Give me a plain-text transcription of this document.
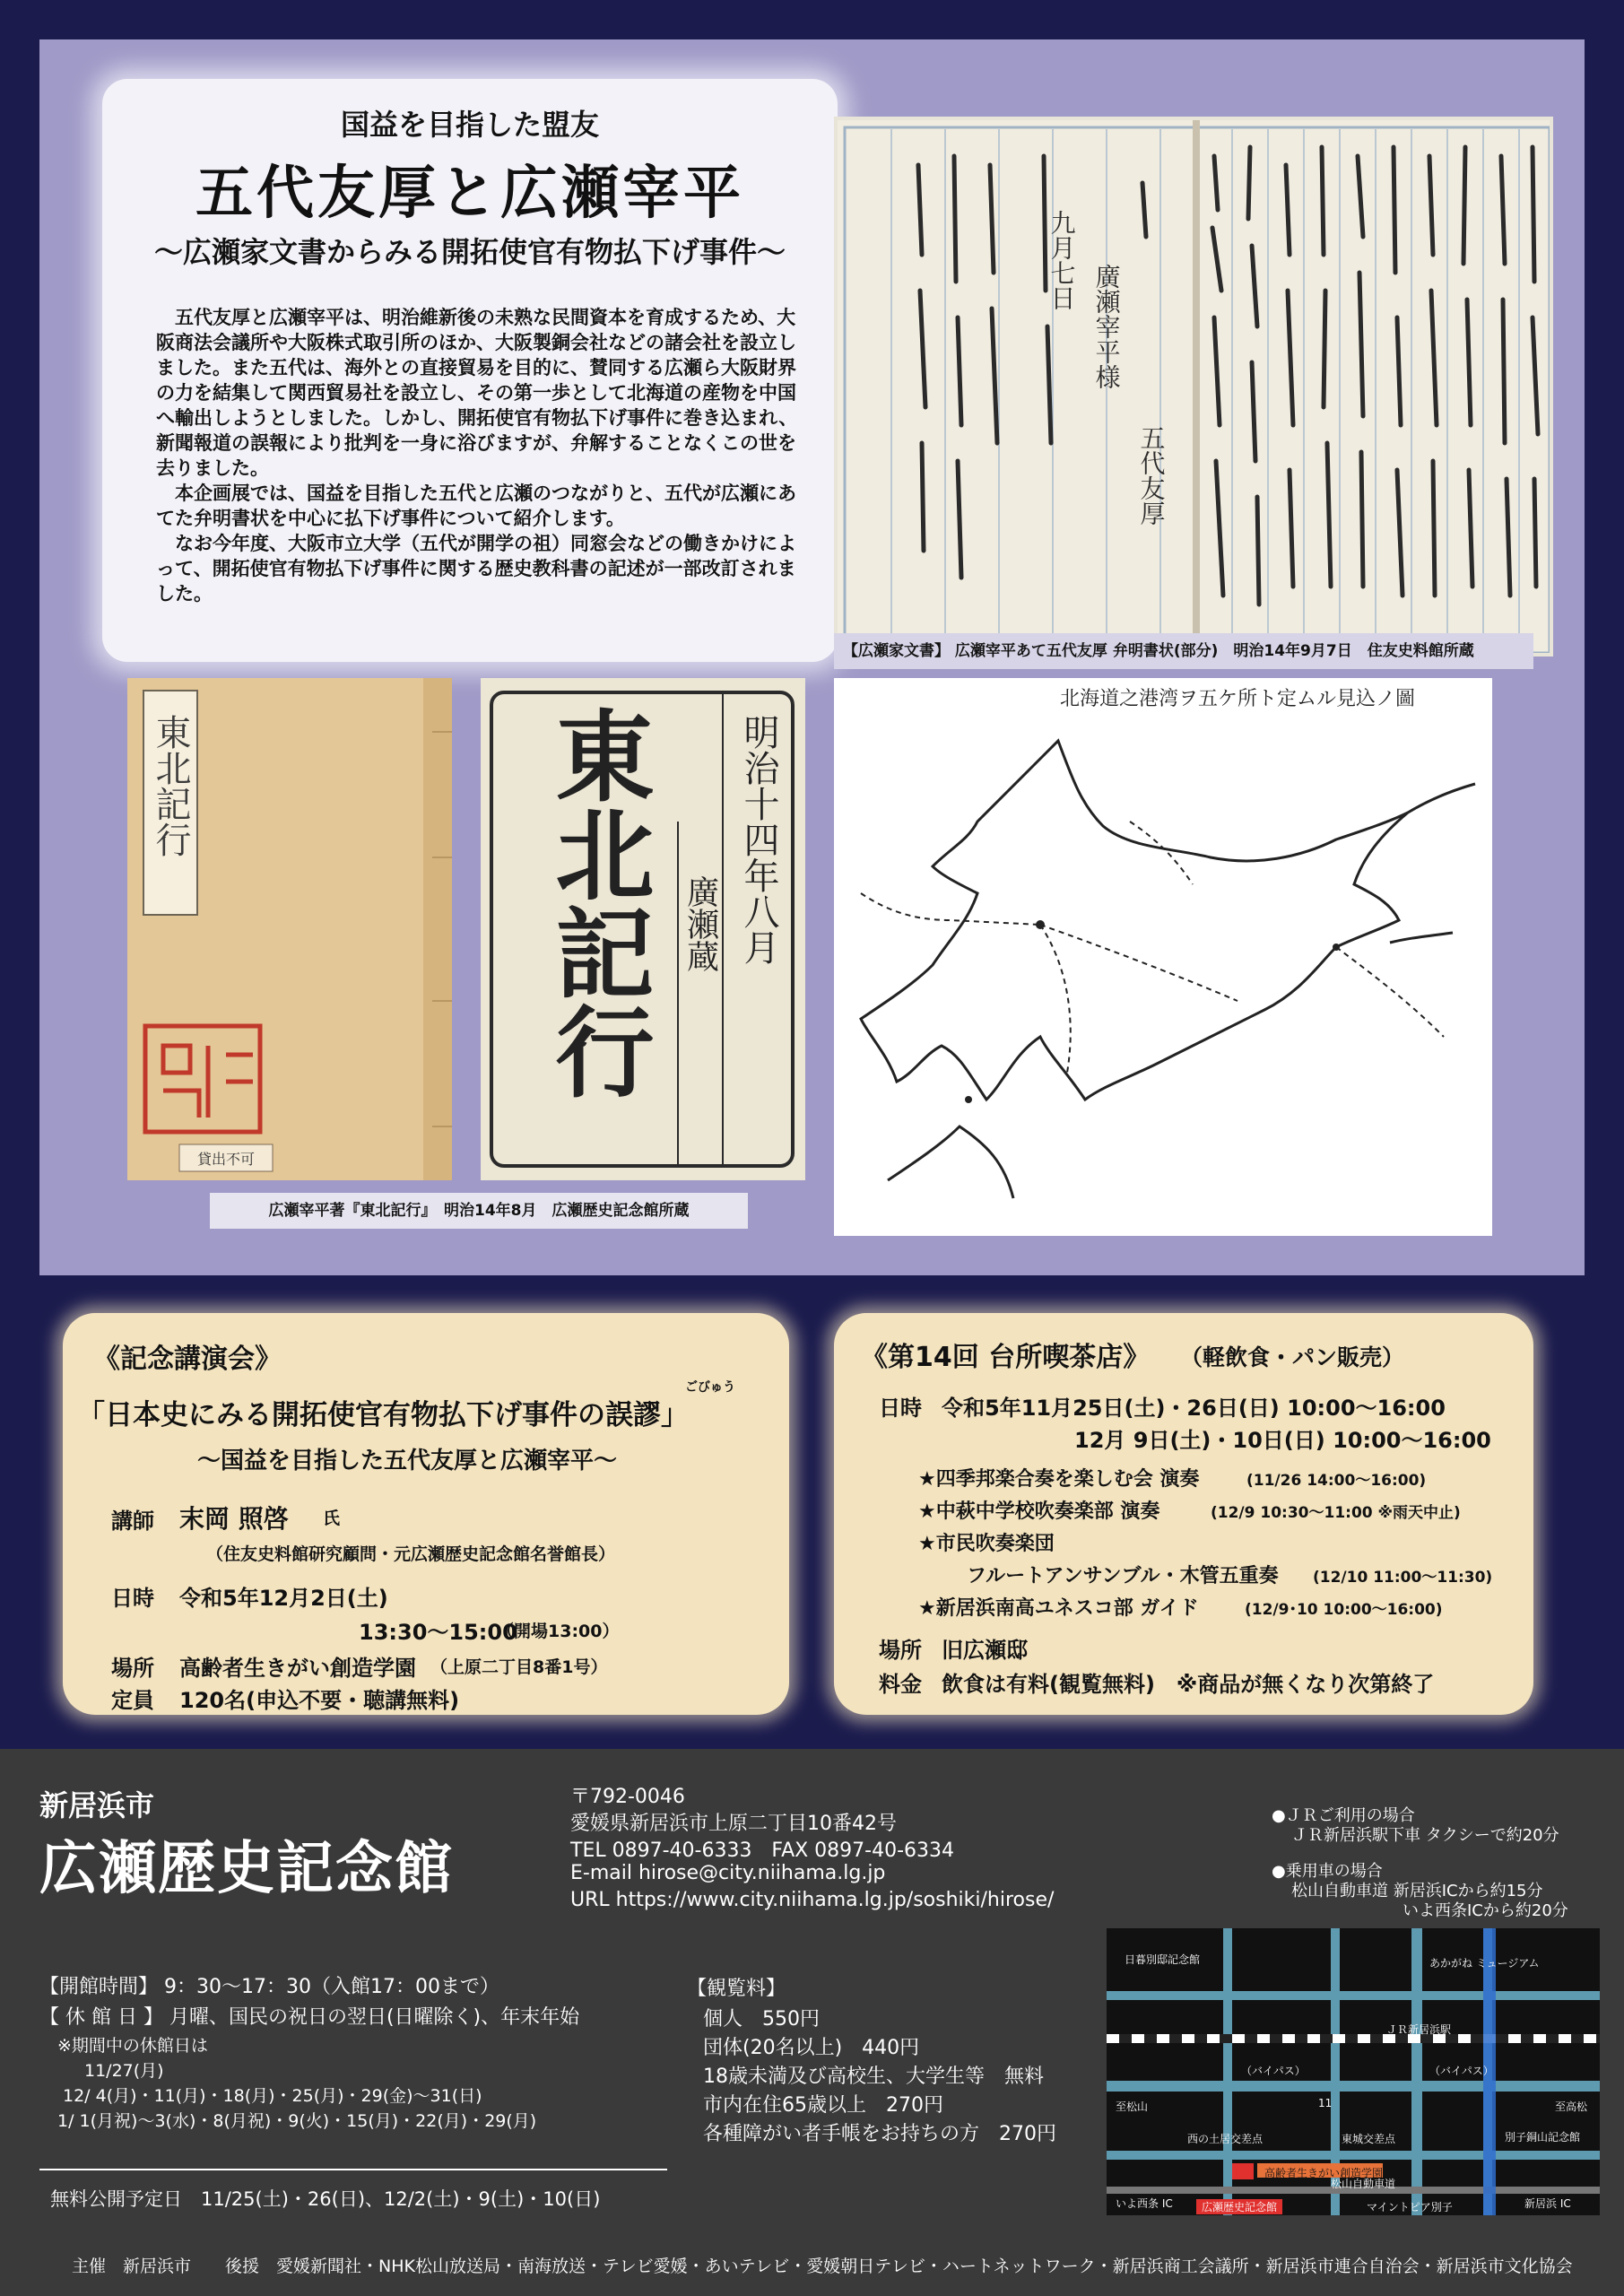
国益を目指した盟友
五代友厚と広瀬宰平
〜広瀬家文書からみる開拓使官有物払下げ事件〜

五代友厚と広瀬宰平は、明治維新後の未熟な民間資本を育成するため、大阪商法会議所や大阪株式取引所のほか、大阪製銅会社などの諸会社を設立しました。また五代は、海外との直接貿易を目的に、賛同する広瀬ら大阪財界の力を結集して関西貿易社を設立し、その第一歩として北海道の産物を中国へ輸出しようとしました。しかし、開拓使官有物払下げ事件に巻き込まれ、新聞報道の誤報により批判を一身に浴びますが、弁解することなくこの世を去りました。

本企画展では、国益を目指した五代と広瀬のつながりと、五代が広瀬にあてた弁明書状を中心に払下げ事件について紹介します。

なお今年度、大阪市立大学（五代が開学の祖）同窓会などの働きかけによって、開拓使官有物払下げ事件に関する歴史教科書の記述が一部改訂されました。

九月七日
廣瀬宰平様
五代友厚
【広瀬家文書】 広瀬宰平あて五代友厚 弁明書状(部分)　明治14年9月7日　住友史料館所蔵
東北記行
貸出不可
東北記行 明治十四年八月
廣瀬蔵
広瀬宰平著『東北記行』　明治14年8月　広瀬歴史記念館所蔵
北海道之港湾ヲ五ケ所ト定ムル見込ノ圖
《記念講演会》
ごびゅう
「日本史にみる開拓使官有物払下げ事件の誤謬」
〜国益を目指した五代友厚と広瀬宰平〜
講師 末岡 照啓 氏
（住友史料館研究顧問・元広瀬歴史記念館名誉館長）
日時 令和5年12月2日(土)
13:30〜15:00
（開場13:00）
場所 高齢者生きがい創造学園 （上原二丁目8番1号）
定員 120名(申込不要・聴講無料)
《第14回 台所喫茶店》 （軽飲食・パン販売）
日時 令和5年11月25日(土)・26日(日) 10:00〜16:00
12月 9日(土)・10日(日) 10:00〜16:00
★四季邦楽合奏を楽しむ会 演奏	(11/26 14:00〜16:00)
★中萩中学校吹奏楽部 演奏	(12/9 10:30〜11:00 ※雨天中止)
★市民吹奏楽団
フルートアンサンブル・木管五重奏 (12/10 11:00〜11:30)
★新居浜南高ユネスコ部 ガイド	(12/9･10 10:00〜16:00)
場所 旧広瀬邸
料金 飲食は有料(観覧無料)　※商品が無くなり次第終了
新居浜市
広瀬歴史記念館
〒792-0046
愛媛県新居浜市上原二丁目10番42号
TEL 0897-40-6333　FAX 0897-40-6334
E-mail hirose@city.niihama.lg.jp
URL https://www.city.niihama.lg.jp/soshiki/hirose/
●ＪＲご利用の場合
ＪＲ新居浜駅下車 タクシーで約20分
●乗用車の場合
松山自動車道 新居浜ICから約15分
いよ西条ICから約20分
【開館時間】 9：30〜17：30（入館17：00まで）
【 休 館 日 】 月曜、国民の祝日の翌日(日曜除く)、年末年始
※期間中の休館日は
11/27(月)
12/ 4(月)・11(月)・18(月)・25(月)・29(金)〜31(日)
1/ 1(月祝)〜3(水)・8(月祝)・9(火)・15(月)・22(月)・29(月)
無料公開予定日　11/25(土)・26(日)、12/2(土)・9(土)・10(日)
【観覧料】
個人　550円
団体(20名以上)　440円
18歳未満及び高校生、大学生等　無料
市内在住65歳以上　270円
各種障がい者手帳をお持ちの方　270円
日暮別邸記念館	あかがね ミュージアム
ＪＲ新居浜駅
（バイパス）	（バイパス）
至松山	至高松
西の土居交差点	東城交差点
11
別子銅山記念館
高齢者生きがい創造学園
松山自動車道
いよ西条 IC	広瀬歴史記念館	マイントピア別子	新居浜 IC
主催　新居浜市　　後援　愛媛新聞社・NHK松山放送局・南海放送・テレビ愛媛・あいテレビ・愛媛朝日テレビ・ハートネットワーク・新居浜商工会議所・新居浜市連合自治会・新居浜市文化協会
